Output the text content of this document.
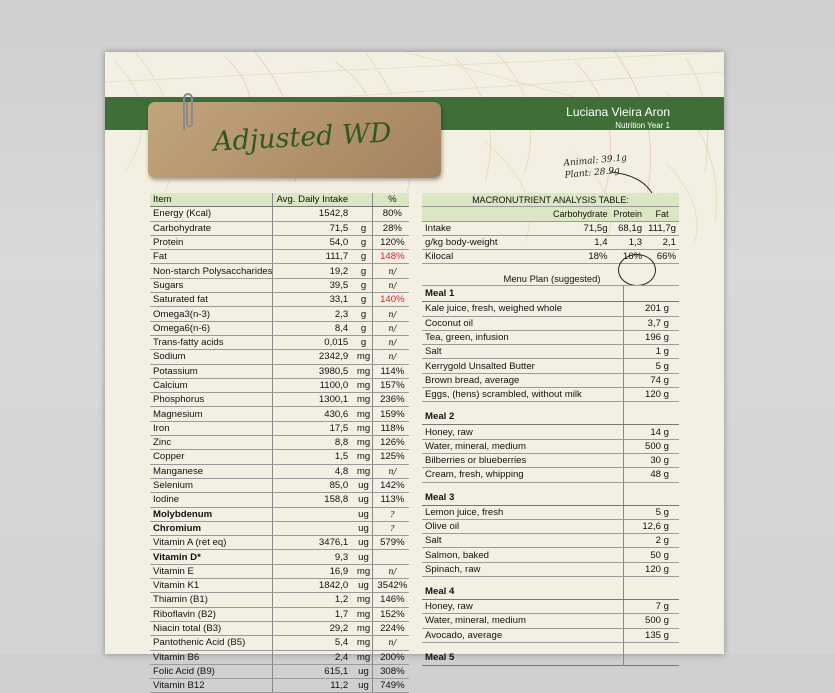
Luciana Vieira Aron
Nutrition Year 1
Adjusted WD
Animal: 39.1g
Plant: 28.9g
Item	Avg. Daily Intake		%
Energy (Kcal)	1542,8		80%
Carbohydrate	71,5	g	28%
Protein	54,0	g	120%
Fat	111,7	g	148%
Non-starch Polysaccharides	19,2	g	n/
Sugars	39,5	g	n/
Saturated fat	33,1	g	140%
Omega3(n-3)	2,3	g	n/
Omega6(n-6)	8,4	g	n/
Trans-fatty acids	0,015	g	n/
Sodium	2342,9	mg	n/
Potassium	3980,5	mg	114%
Calcium	1100,0	mg	157%
Phosphorus	1300,1	mg	236%
Magnesium	430,6	mg	159%
Iron	17,5	mg	118%
Zinc	8,8	mg	126%
Copper	1,5	mg	125%
Manganese	4,8	mg	n/
Selenium	85,0	ug	142%
Iodine	158,8	ug	113%
Molybdenum		ug	?
Chromium		ug	?
Vitamin A (ret eq)	3476,1	ug	579%
Vitamin D*	9,3	ug	
Vitamin E	16,9	mg	n/
Vitamin K1	1842,0	ug	3542%
Thiamin (B1)	1,2	mg	146%
Riboflavin (B2)	1,7	mg	152%
Niacin total (B3)	29,2	mg	224%
Pantothenic Acid (B5)	5,4	mg	n/
Vitamin B6	2,4	mg	200%
Folic Acid (B9)	615,1	ug	308%
Vitamin B12	11,2	ug	749%
MACRONUTRIENT ANALYSIS TABLE:			
	Carbohydrate	Protein	Fat
Intake	71,5g	68,1g	111,7g
g/kg body-weight	1,4	1,3	2,1
Kilocal	18%	16%	66%
Menu Plan (suggested)	
Meal 1	
Kale juice, fresh, weighed whole	201 g
Coconut oil	3,7 g
Tea, green, infusion	196 g
Salt	1 g
Kerrygold Unsalted Butter	5 g
Brown bread, average	74 g
Eggs, (hens) scrambled, without milk	120 g

Meal 2	
Honey, raw	14 g
Water, mineral, medium	500 g
Bilberries or blueberries	30 g
Cream, fresh, whipping	48 g

Meal 3	
Lemon juice, fresh	5 g
Olive oil	12,6 g
Salt	2 g
Salmon, baked	50 g
Spinach, raw	120 g

Meal 4	
Honey, raw	7 g
Water, mineral, medium	500 g
Avocado, average	135 g

Meal 5	
